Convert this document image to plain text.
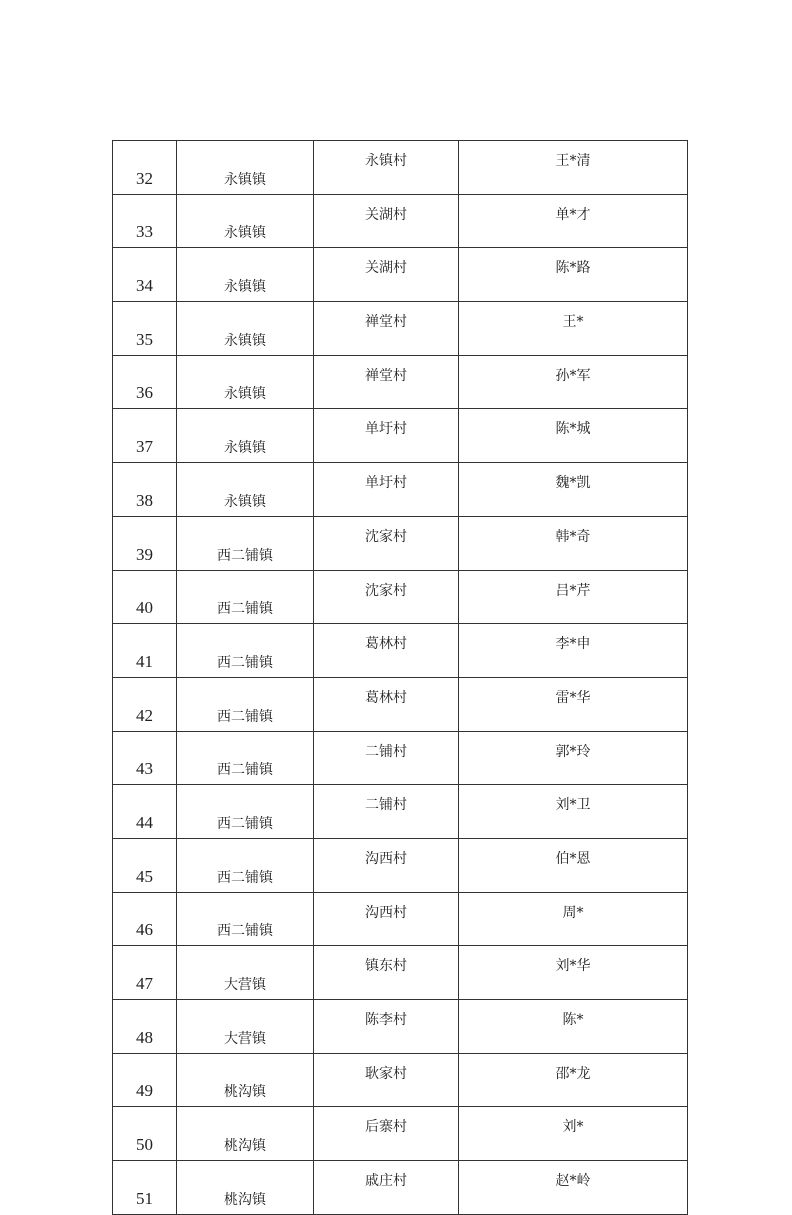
32	永镇镇	永镇村	王*清
33	永镇镇	关湖村	单*才
34	永镇镇	关湖村	陈*路
35	永镇镇	禅堂村	王*
36	永镇镇	禅堂村	孙*军
37	永镇镇	单圩村	陈*城
38	永镇镇	单圩村	魏*凯
39	西二铺镇	沈家村	韩*奇
40	西二铺镇	沈家村	吕*芹
41	西二铺镇	葛林村	李*申
42	西二铺镇	葛林村	雷*华
43	西二铺镇	二铺村	郭*玲
44	西二铺镇	二铺村	刘*卫
45	西二铺镇	沟西村	伯*恩
46	西二铺镇	沟西村	周*
47	大营镇	镇东村	刘*华
48	大营镇	陈李村	陈*
49	桃沟镇	耿家村	邵*龙
50	桃沟镇	后寨村	刘*
51	桃沟镇	戚庄村	赵*岭
